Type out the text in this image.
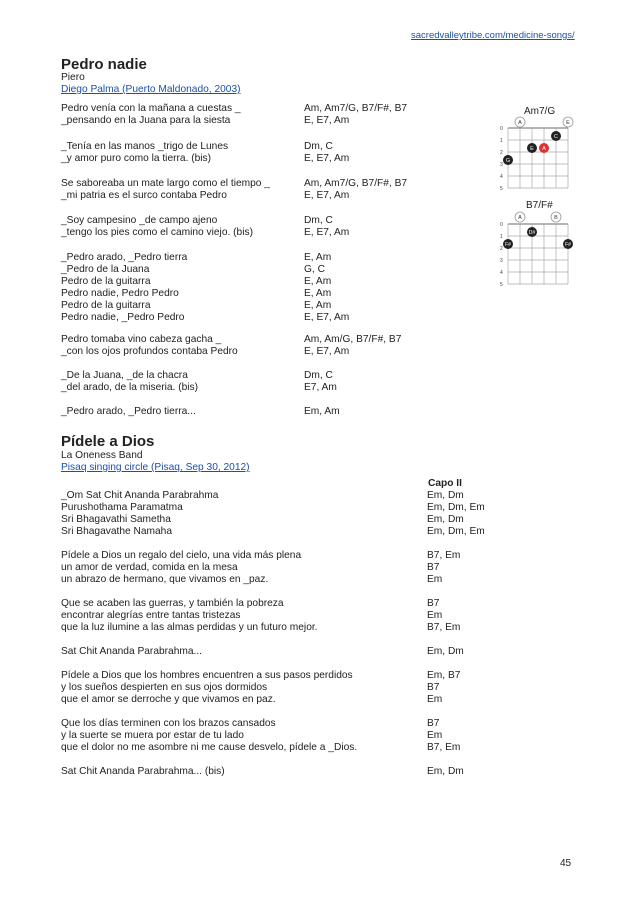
sacredvalleytribe.com/medicine-songs/
Pedro nadie
Piero
Diego Palma (Puerto Maldonado, 2003)
Pedro venía con la mañana a cuestas _	Am, Am7/G, B7/F#, B7
_pensando en la Juana para la siesta	E, E7, Am
_Tenía en las manos _trigo de Lunes	Dm, C
_y amor puro como la tierra. (bis)	E, E7, Am
Se saboreaba un mate largo como el tiempo _	Am, Am7/G, B7/F#, B7
_mi patria es el surco contaba Pedro	E, E7, Am
_Soy campesino _de campo ajeno	Dm, C
_tengo los pies como el camino viejo. (bis)	E, E7, Am
_Pedro arado, _Pedro tierra	E, Am
_Pedro de la Juana	G, C
Pedro de la guitarra	E, Am
Pedro nadie, Pedro Pedro	E, Am
Pedro de la guitarra	E, Am
Pedro nadie, _Pedro Pedro	E, E7, Am
Pedro tomaba vino cabeza gacha _	Am, Am/G, B7/F#, B7
_con los ojos profundos contaba Pedro	E, E7, Am
_De la Juana, _de la chacra	Dm, C
_del arado, de la miseria. (bis)	E7, Am
_Pedro arado, _Pedro tierra...	Em, Am
Am7/G
0
1
2
3
4
5
A	E
C
E A
G
B7/F#
0
1
2
3
4
5
A	B
D#
F#	F#
Pídele a Dios
La Oneness Band
Pisaq singing circle (Pisaq, Sep 30, 2012)
Capo II
_Om Sat Chit Ananda Parabrahma	Em, Dm
Purushothama Paramatma	Em, Dm, Em
Sri Bhagavathi Sametha	Em, Dm
Sri Bhagavathe Namaha	Em, Dm, Em
Pídele a Dios un regalo del cielo, una vida más plena	B7, Em
un amor de verdad, comida en la mesa	B7
un abrazo de hermano, que vivamos en _paz.	Em
Que se acaben las guerras, y también la pobreza	B7
encontrar alegrías entre tantas tristezas	Em
que la luz ilumine a las almas perdidas y un futuro mejor.	B7, Em
Sat Chit Ananda Parabrahma...	Em, Dm
Pídele a Dios que los hombres encuentren a sus pasos perdidos	Em, B7
y los sueños despierten en sus ojos dormidos	B7
que el amor se derroche y que vivamos en paz.	Em
Que los días terminen con los brazos cansados	B7
y la suerte se muera por estar de tu lado	Em
que el dolor no me asombre ni me cause desvelo, pídele a _Dios.	B7, Em
Sat Chit Ananda Parabrahma... (bis)	Em, Dm
45
